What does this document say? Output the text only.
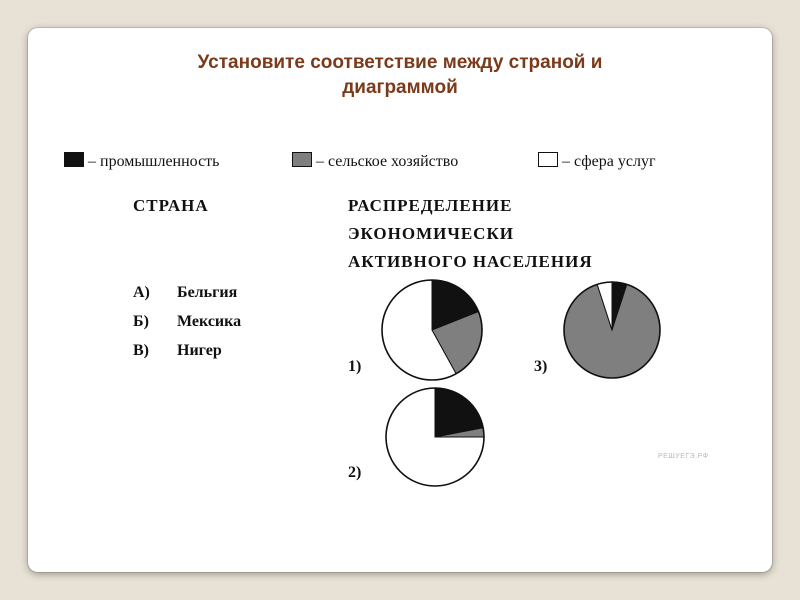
Установите соответствие между страной и
диаграммой
– промышленность	– сельское хозяйство	– сфера услуг
СТРАНА
А) Бельгия
Б) Мексика
В) Нигер
РАСПРЕДЕЛЕНИЕ
ЭКОНОМИЧЕСКИ
АКТИВНОГО НАСЕЛЕНИЯ
1)
2)
3)
РЕШУЕГЭ.РФ
